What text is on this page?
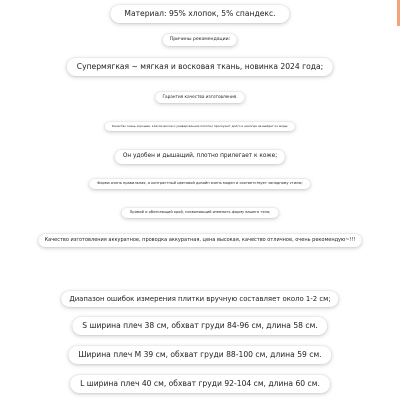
Материал: 95% хлопок, 5% спандекс.
Причины рекомендации:
Супермягкая ~ мягкая и восковая ткань, новинка 2024 года;
Гарантия качества изготовления.
Качество очень хорошее, классическое и универсальное полотно прослужит долго и никогда не выйдет из моды;
Он удобен и дышащий, плотно прилегает к коже;
Форма очень правильная, а контрастный цветовой дизайн очень моден и соответствует западному стилю;
Прямой и облегающий крой, позволяющий изменить форму вашего тела;
Качество изготовления аккуратное, проводка аккуратная, цена высокая, качество отличное, очень рекомендую~!!!
Диапазон ошибок измерения плитки вручную составляет около 1-2 см;
S ширина плеч 38 см, обхват груди 84-96 см, длина 58 см.
Ширина плеч M 39 см, обхват груди 88-100 см, длина 59 см.
L ширина плеч 40 см, обхват груди 92-104 см, длина 60 см.
